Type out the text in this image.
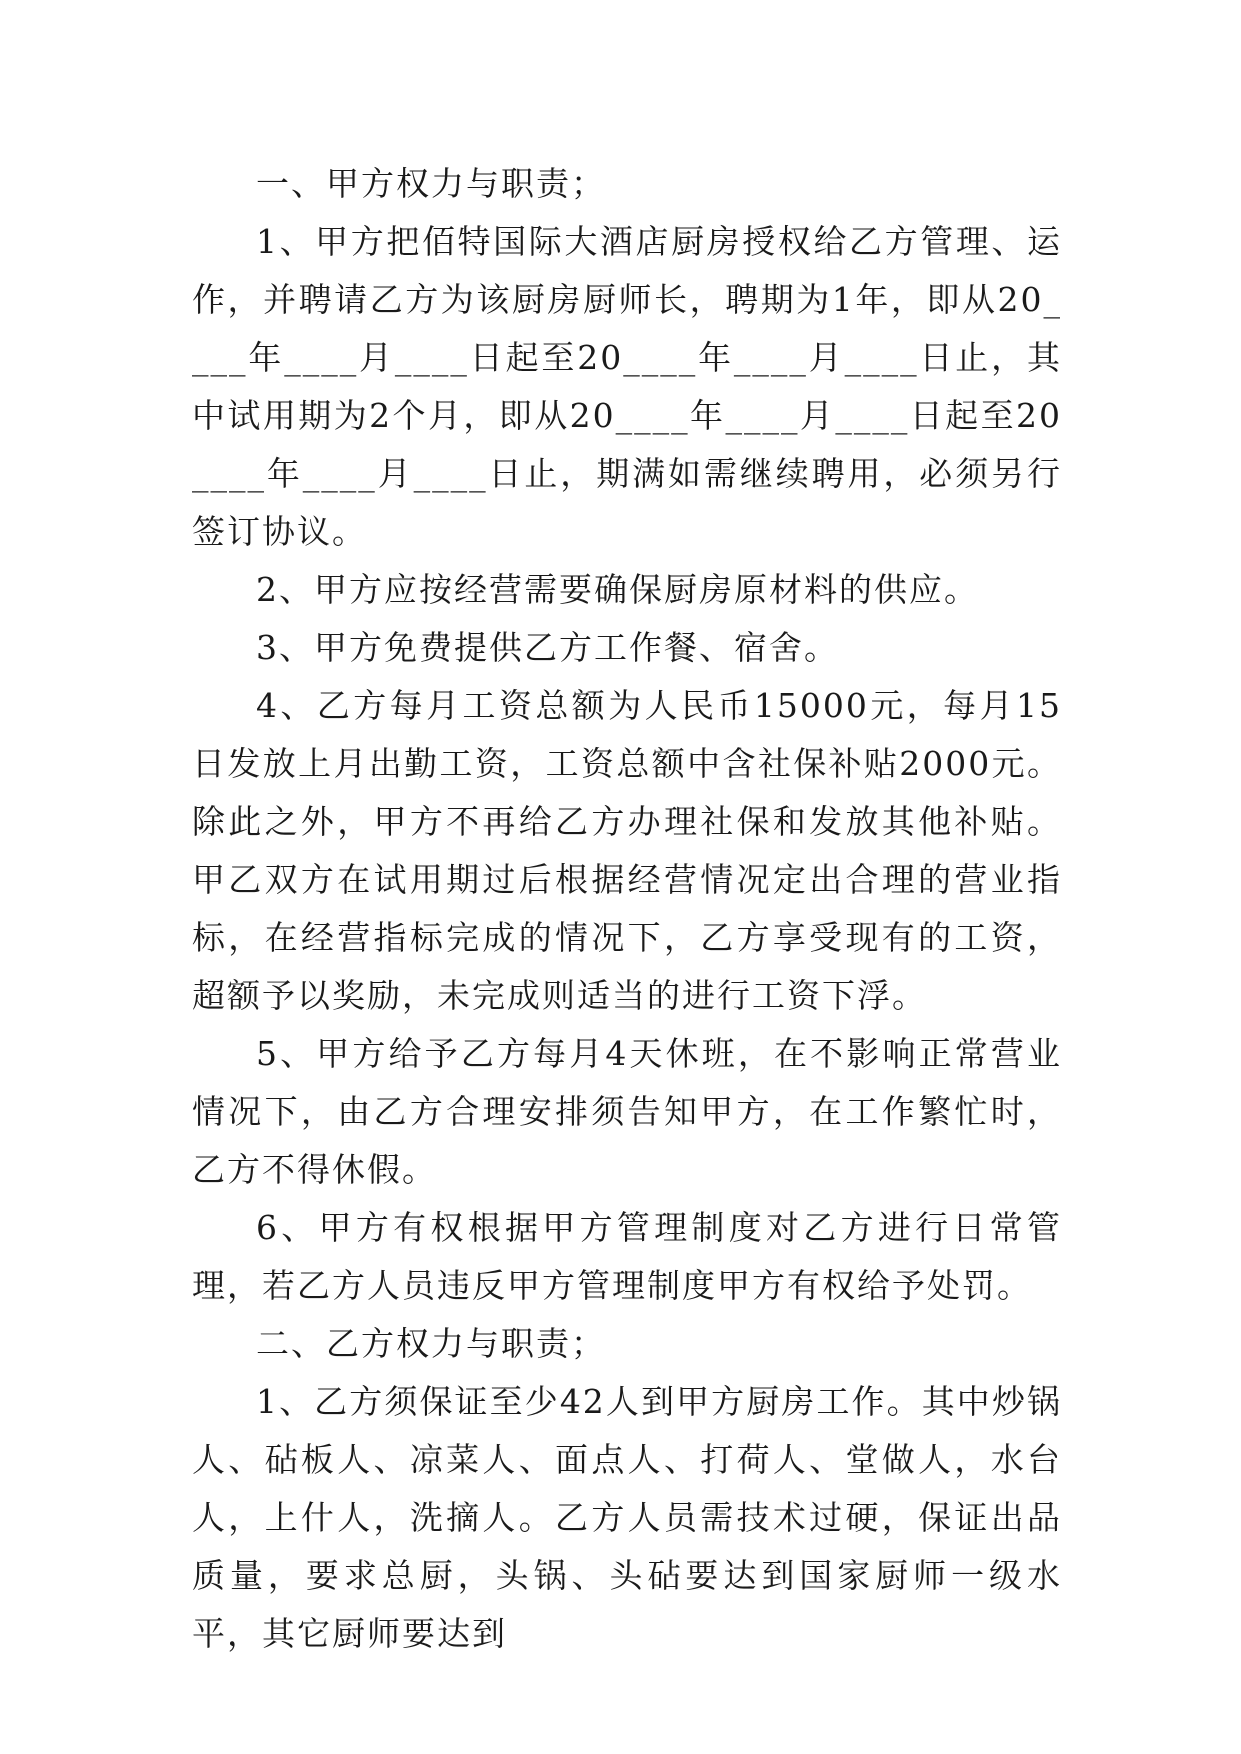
一、甲方权力与职责；

1、甲方把佰特国际大酒店厨房授权给乙方管理、运作，并聘请乙方为该厨房厨师长，聘期为1年，即从20____年____月____日起至20____年____月____日止，其中试用期为2个月，即从20____年____月____日起至20____年____月____日止，期满如需继续聘用，必须另行签订协议。

2、甲方应按经营需要确保厨房原材料的供应。

3、甲方免费提供乙方工作餐、宿舍。

4、乙方每月工资总额为人民币15000元，每月15日发放上月出勤工资，工资总额中含社保补贴2000元。除此之外，甲方不再给乙方办理社保和发放其他补贴。甲乙双方在试用期过后根据经营情况定出合理的营业指标，在经营指标完成的情况下，乙方享受现有的工资，超额予以奖励，未完成则适当的进行工资下浮。

5、甲方给予乙方每月4天休班，在不影响正常营业情况下，由乙方合理安排须告知甲方，在工作繁忙时，乙方不得休假。

6、甲方有权根据甲方管理制度对乙方进行日常管理，若乙方人员违反甲方管理制度甲方有权给予处罚。

二、乙方权力与职责；

1、乙方须保证至少42人到甲方厨房工作。其中炒锅人、砧板人、凉菜人、面点人、打荷人、堂做人，水台人，上什人，洗摘人。乙方人员需技术过硬，保证出品质量，要求总厨，头锅、头砧要达到国家厨师一级水平，其它厨师要达到
